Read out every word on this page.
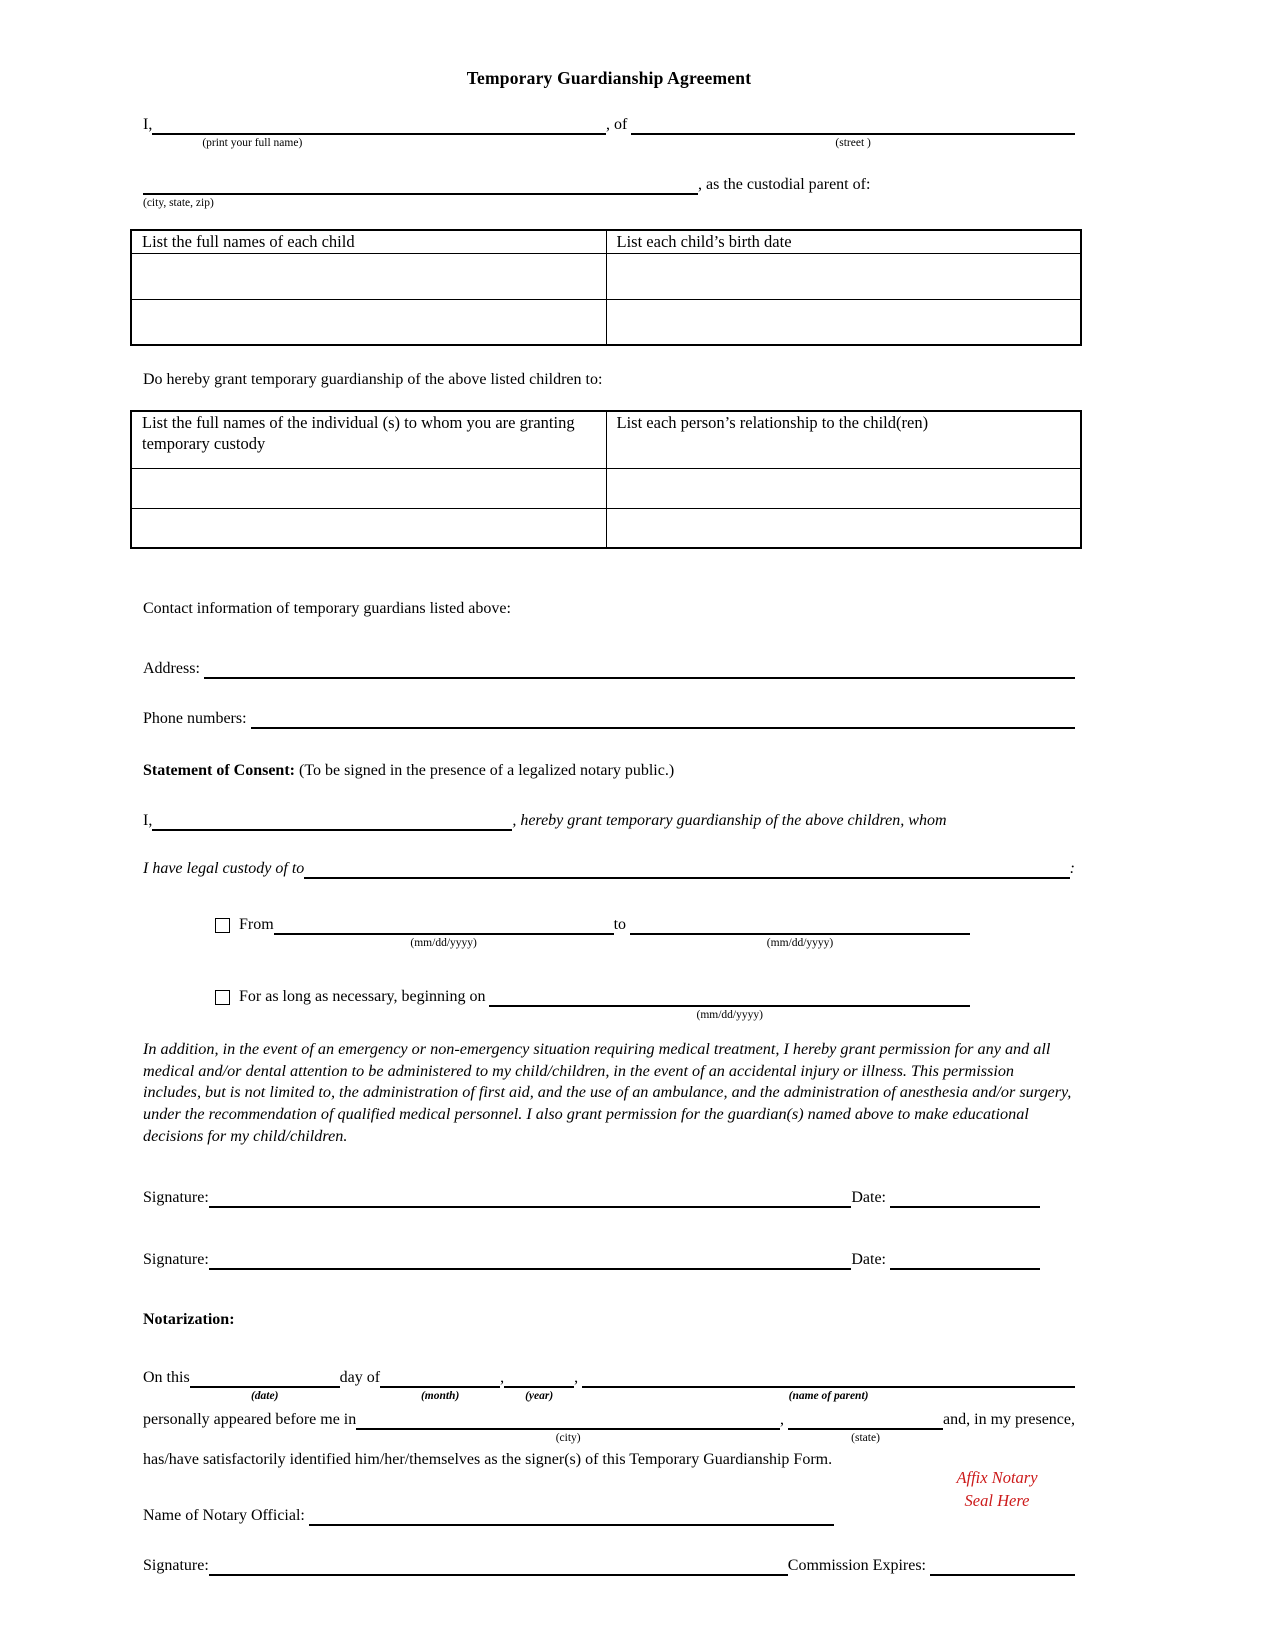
Temporary Guardianship Agreement
I,
(print your full name)
, of
(street )
(city, state, zip)
, as the custodial parent of:
List the full names of each child	List each child’s birth date

Do hereby grant temporary guardianship of the above listed children to:
List the full names of the individual (s) to whom you are granting temporary custody	List each person’s relationship to the child(ren)

Contact information of temporary guardians listed above:
Address:
Phone numbers:
Statement of Consent: (To be signed in the presence of a legalized notary public.)
I,	, hereby grant temporary guardianship of the above children, whom
I have legal custody of to	:
From
(mm/dd/yyyy)
to
(mm/dd/yyyy)
For as long as necessary, beginning on
(mm/dd/yyyy)

In addition, in the event of an emergency or non-emergency situation requiring medical treatment, I hereby grant permission for any and all medical and/or dental attention to be administered to my child/children, in the event of an accidental injury or illness. This permission includes, but is not limited to, the administration of first aid, and the use of an ambulance, and the administration of anesthesia and/or surgery, under the recommendation of qualified medical personnel. I also grant permission for the guardian(s) named above to make educational decisions for my child/children.

Signature:	Date:
Signature:	Date:
Notarization:
On this
(date)
day of
(month)
,
(year)
,
(name of parent)
personally appeared before me in
(city)
,
(state)
and, in my presence,
has/have satisfactorily identified him/her/themselves as the signer(s) of this Temporary Guardianship Form.
Affix Notary
Seal Here
Name of Notary Official:
Signature:	Commission Expires:
